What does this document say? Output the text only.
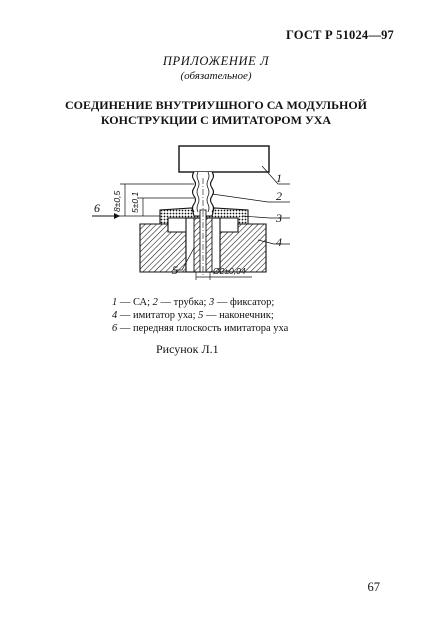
ГОСТ Р 51024—97
ПРИЛОЖЕНИЕ Л
(обязательное)
СОЕДИНЕНИЕ ВНУТРИУШНОГО СА МОДУЛЬНОЙ
КОНСТРУКЦИИ С ИМИТАТОРОМ УХА
8±0,5 5±0,1
Ø2±0,04
1
2
3
4
5
6
1 — СА; 2 — трубка; 3 — фиксатор;
4 — имитатор уха; 5 — наконечник;
6 — передняя плоскость имитатора уха
Рисунок Л.1
67
